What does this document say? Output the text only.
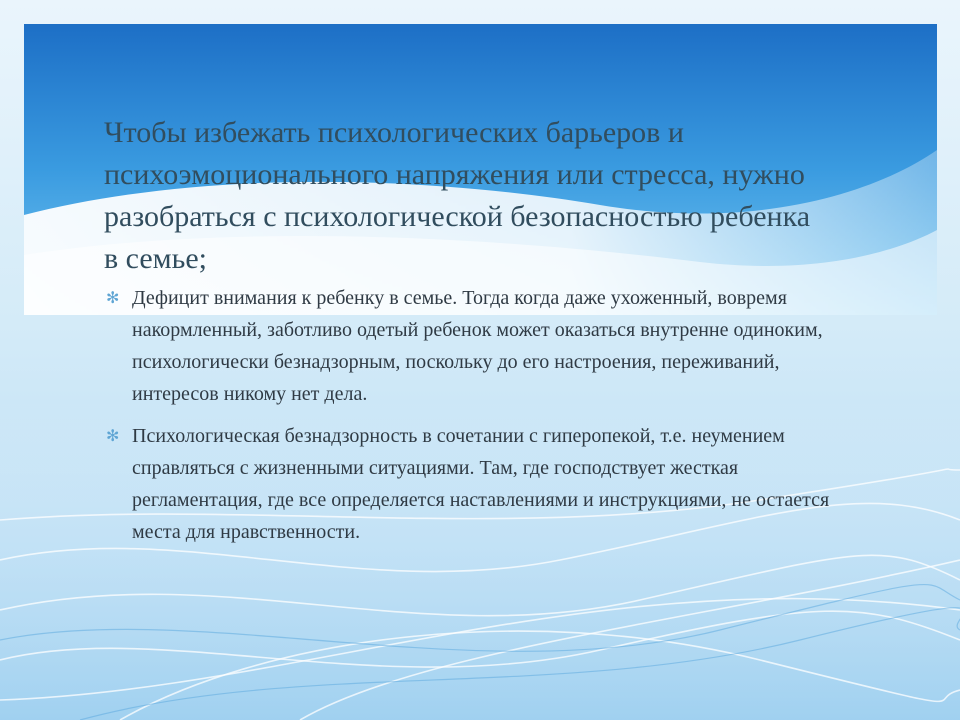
Чтобы избежать психологических барьеров и психоэмоционального напряжения или стресса, нужно разобраться с психологической безопасностью ребенка в семье;
✻ Дефицит внимания к ребенку в семье. Тогда когда даже ухоженный, вовремя накормленный, заботливо одетый ребенок может оказаться внутренне одиноким, психологически безнадзорным, поскольку до его настроения, переживаний, интересов никому нет дела.
✻ Психологическая безнадзорность в сочетании с гиперопекой, т.е. неумением справляться с жизненными ситуациями. Там, где господствует жесткая регламентация, где все определяется наставлениями и инструкциями, не остается места для нравственности.
